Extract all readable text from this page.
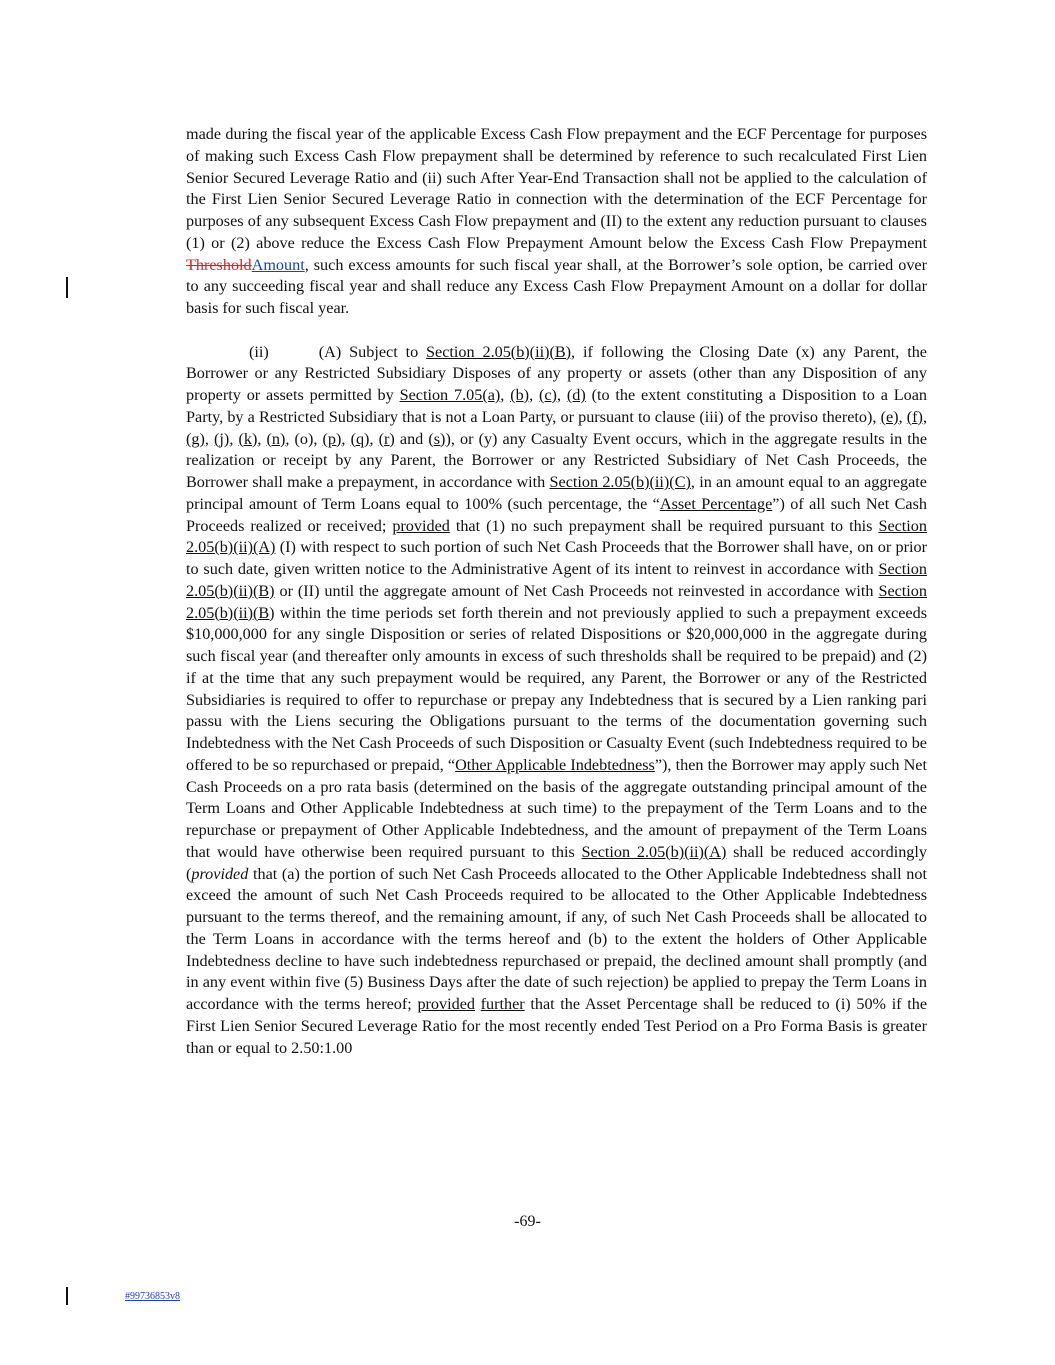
made during the fiscal year of the applicable Excess Cash Flow prepayment and the ECF Percentage for purposes of making such Excess Cash Flow prepayment shall be determined by reference to such recalculated First Lien Senior Secured Leverage Ratio and (ii) such After Year-End Transaction shall not be applied to the calculation of the First Lien Senior Secured Leverage Ratio in connection with the determination of the ECF Percentage for purposes of any subsequent Excess Cash Flow prepayment and (II) to the extent any reduction pursuant to clauses (1) or (2) above reduce the Excess Cash Flow Prepayment Amount below the Excess Cash Flow Prepayment ThresholdAmount, such excess amounts for such fiscal year shall, at the Borrower’s sole option, be carried over to any succeeding fiscal year and shall reduce any Excess Cash Flow Prepayment Amount on a dollar for dollar basis for such fiscal year.

(ii)	(A) Subject to Section 2.05(b)(ii)(B), if following the Closing Date (x) any Parent, the Borrower or any Restricted Subsidiary Disposes of any property or assets (other than any Disposition of any property or assets permitted by Section 7.05(a), (b), (c), (d) (to the extent constituting a Disposition to a Loan Party, by a Restricted Subsidiary that is not a Loan Party, or pursuant to clause (iii) of the proviso thereto), (e), (f), (g), (j), (k), (n), (o), (p), (q), (r) and (s)), or (y) any Casualty Event occurs, which in the aggregate results in the realization or receipt by any Parent, the Borrower or any Restricted Subsidiary of Net Cash Proceeds, the Borrower shall make a prepayment, in accordance with Section 2.05(b)(ii)(C), in an amount equal to an aggregate principal amount of Term Loans equal to 100% (such percentage, the “Asset Percentage”) of all such Net Cash Proceeds realized or received; provided that (1) no such prepayment shall be required pursuant to this Section 2.05(b)(ii)(A) (I) with respect to such portion of such Net Cash Proceeds that the Borrower shall have, on or prior to such date, given written notice to the Administrative Agent of its intent to reinvest in accordance with Section 2.05(b)(ii)(B) or (II) until the aggregate amount of Net Cash Proceeds not reinvested in accordance with Section 2.05(b)(ii)(B) within the time periods set forth therein and not previously applied to such a prepayment exceeds $10,000,000 for any single Disposition or series of related Dispositions or $20,000,000 in the aggregate during such fiscal year (and thereafter only amounts in excess of such thresholds shall be required to be prepaid) and (2) if at the time that any such prepayment would be required, any Parent, the Borrower or any of the Restricted Subsidiaries is required to offer to repurchase or prepay any Indebtedness that is secured by a Lien ranking pari passu with the Liens securing the Obligations pursuant to the terms of the documentation governing such Indebtedness with the Net Cash Proceeds of such Disposition or Casualty Event (such Indebtedness required to be offered to be so repurchased or prepaid, “Other Applicable Indebtedness”), then the Borrower may apply such Net Cash Proceeds on a pro rata basis (determined on the basis of the aggregate outstanding principal amount of the Term Loans and Other Applicable Indebtedness at such time) to the prepayment of the Term Loans and to the repurchase or prepayment of Other Applicable Indebtedness, and the amount of prepayment of the Term Loans that would have otherwise been required pursuant to this Section 2.05(b)(ii)(A) shall be reduced accordingly (provided that (a) the portion of such Net Cash Proceeds allocated to the Other Applicable Indebtedness shall not exceed the amount of such Net Cash Proceeds required to be allocated to the Other Applicable Indebtedness pursuant to the terms thereof, and the remaining amount, if any, of such Net Cash Proceeds shall be allocated to the Term Loans in accordance with the terms hereof and (b) to the extent the holders of Other Applicable Indebtedness decline to have such indebtedness repurchased or prepaid, the declined amount shall promptly (and in any event within five (5) Business Days after the date of such rejection) be applied to prepay the Term Loans in accordance with the terms hereof; provided further that the Asset Percentage shall be reduced to (i) 50% if the First Lien Senior Secured Leverage Ratio for the most recently ended Test Period on a Pro Forma Basis is greater than or equal to 2.50:1.00

-69-
#99736853v8
